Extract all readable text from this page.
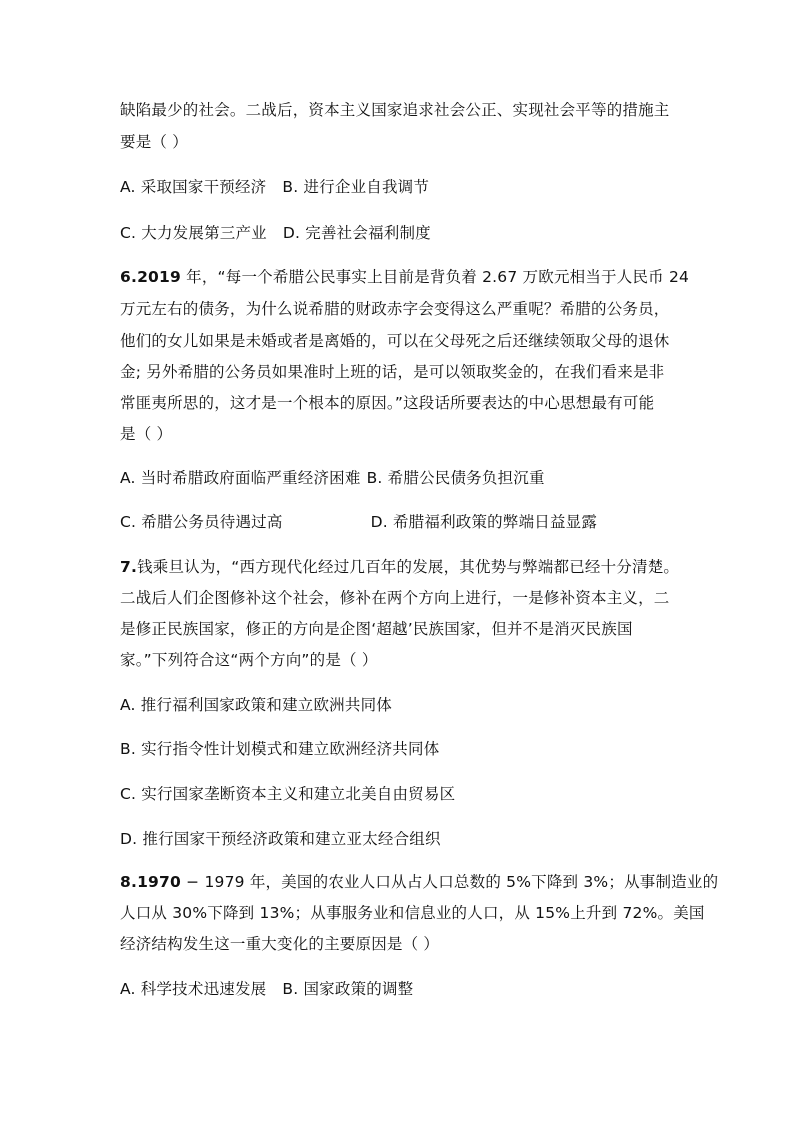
缺陷最少的社会。二战后，资本主义国家追求社会公正、实现社会平等的措施主
要是（ ）
A. 采取国家干预经济 B. 进行企业自我调节
C. 大力发展第三产业 D. 完善社会福利制度
6.2019 年，“每一个希腊公民事实上目前是背负着 2.67 万欧元相当于人民币 24
万元左右的债务，为什么说希腊的财政赤字会变得这么严重呢？希腊的公务员，
他们的女儿如果是未婚或者是离婚的，可以在父母死之后还继续领取父母的退休
金; 另外希腊的公务员如果准时上班的话，是可以领取奖金的，在我们看来是非
常匪夷所思的，这才是一个根本的原因。”这段话所要表达的中心思想最有可能
是（ ）
A. 当时希腊政府面临严重经济困难 B. 希腊公民债务负担沉重
C. 希腊公务员待遇过高	D. 希腊福利政策的弊端日益显露
7.钱乘旦认为，“西方现代化经过几百年的发展，其优势与弊端都已经十分清楚。
二战后人们企图修补这个社会，修补在两个方向上进行，一是修补资本主义，二
是修正民族国家，修正的方向是企图‘超越’民族国家，但并不是消灭民族国
家。”下列符合这“两个方向”的是（ ）
A. 推行福利国家政策和建立欧洲共同体
B. 实行指令性计划模式和建立欧洲经济共同体
C. 实行国家垄断资本主义和建立北美自由贸易区
D. 推行国家干预经济政策和建立亚太经合组织
8.1970 − 1979 年，美国的农业人口从占人口总数的 5%下降到 3%；从事制造业的
人口从 30%下降到 13%；从事服务业和信息业的人口，从 15%上升到 72%。美国
经济结构发生这一重大变化的主要原因是（ ）
A. 科学技术迅速发展 B. 国家政策的调整
